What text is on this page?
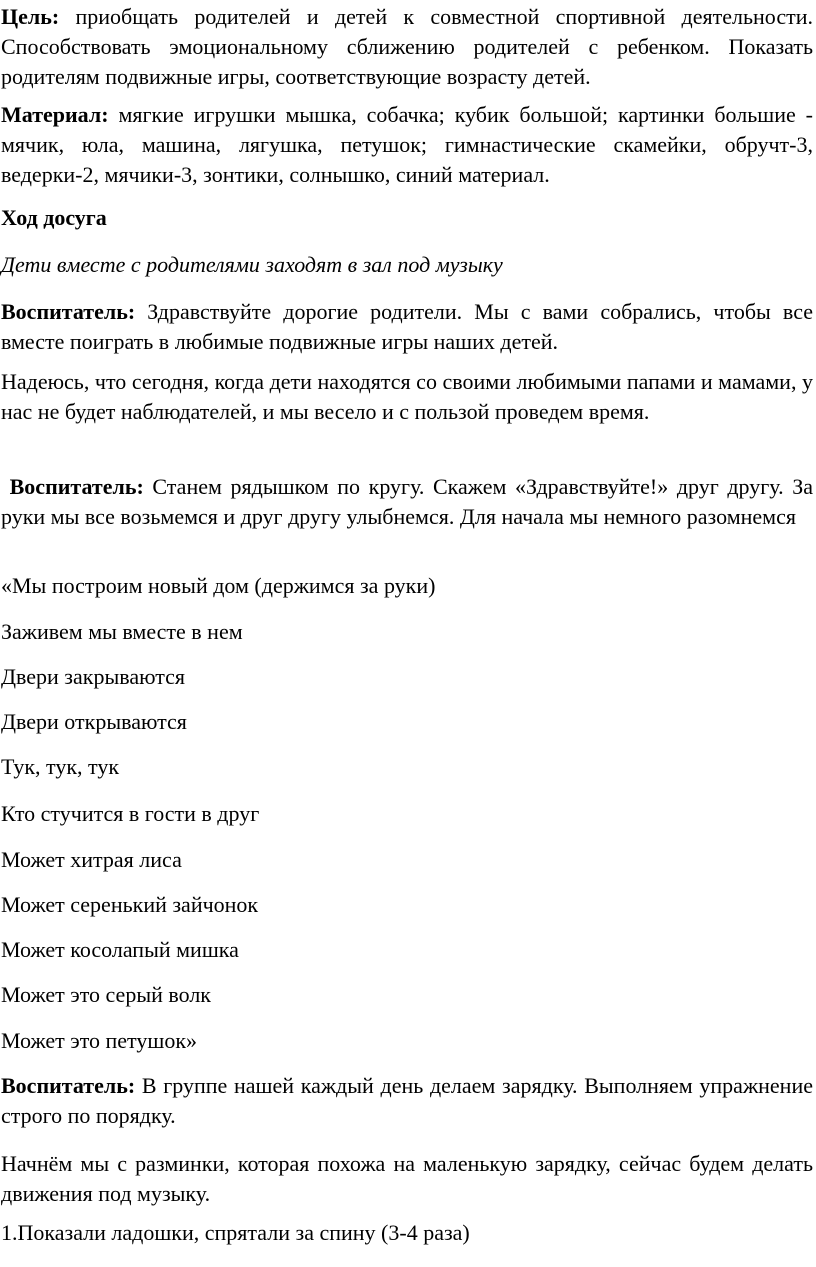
Цель: приобщать родителей и детей к совместной спортивной деятельности. Способствовать эмоциональному сближению родителей с ребенком. Показать родителям подвижные игры, соответствующие возрасту детей.

Материал: мягкие игрушки мышка, собачка; кубик большой; картинки большие - мячик, юла, машина, лягушка, петушок; гимнастические скамейки, обручт-3, ведерки-2, мячики-3, зонтики, солнышко, синий материал.

Ход досуга

Дети вместе с родителями заходят в зал под музыку

Воспитатель: Здравствуйте дорогие родители. Мы с вами собрались, чтобы все вместе поиграть в любимые подвижные игры наших детей.

Надеюсь, что сегодня, когда дети находятся со своими любимыми папами и мамами, у нас не будет наблюдателей, и мы весело и с пользой проведем время.

Воспитатель: Станем рядышком по кругу. Скажем «Здравствуйте!» друг другу. За руки мы все возьмемся и друг другу улыбнемся. Для начала мы немного разомнемся

«Мы построим новый дом (держимся за руки)

Заживем мы вместе в нем

Двери закрываются

Двери открываются

Тук, тук, тук

Кто стучится в гости в друг

Может хитрая лиса

Может серенький зайчонок

Может косолапый мишка

Может это серый волк

Может это петушок»

Воспитатель: В группе нашей каждый день делаем зарядку. Выполняем упражнение строго по порядку.

Начнём мы с разминки, которая похожа на маленькую зарядку, сейчас будем делать движения под музыку.

1.Показали ладошки, спрятали за спину (3-4 раза)
